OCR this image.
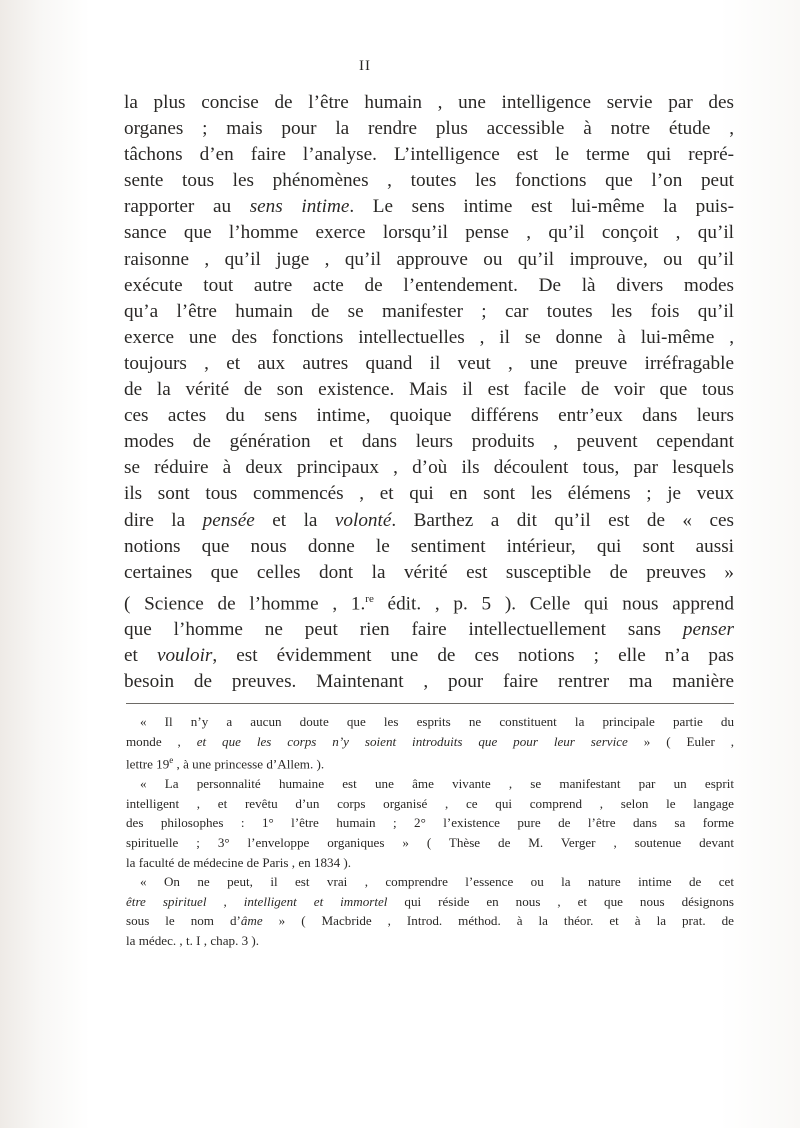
II
la plus concise de l’être humain , une intelligence servie par des
organes ; mais pour la rendre plus accessible à notre étude ,
tâchons d’en faire l’analyse. L’intelligence est le terme qui repré-
sente tous les phénomènes , toutes les fonctions que l’on peut
rapporter au sens intime. Le sens intime est lui-même la puis-
sance que l’homme exerce lorsqu’il pense , qu’il conçoit , qu’il
raisonne , qu’il juge , qu’il approuve ou qu’il improuve, ou qu’il
exécute tout autre acte de l’entendement. De là divers modes
qu’a l’être humain de se manifester ; car toutes les fois qu’il
exerce une des fonctions intellectuelles , il se donne à lui-même ,
toujours , et aux autres quand il veut , une preuve irréfragable
de la vérité de son existence. Mais il est facile de voir que tous
ces actes du sens intime, quoique différens entr’eux dans leurs
modes de génération et dans leurs produits , peuvent cependant
se réduire à deux principaux , d’où ils découlent tous, par lesquels
ils sont tous commencés , et qui en sont les élémens ; je veux
dire la pensée et la volonté. Barthez a dit qu’il est de « ces
notions que nous donne le sentiment intérieur, qui sont aussi
certaines que celles dont la vérité est susceptible de preuves »
( Science de l’homme , 1.$^{re}$ édit. , p. 5 ). Celle qui nous apprend
que l’homme ne peut rien faire intellectuellement sans penser
et vouloir, est évidemment une de ces notions ; elle n’a pas
besoin de preuves. Maintenant , pour faire rentrer ma manière
« Il n’y a aucun doute que les esprits ne constituent la principale partie du
monde , et que les corps n’y soient introduits que pour leur service » ( Euler ,
lettre 19e , à une princesse d’Allem. ).
« La personnalité humaine est une âme vivante , se manifestant par un esprit
intelligent , et revêtu d’un corps organisé , ce qui comprend , selon le langage
des philosophes : 1° l’être humain ; 2° l’existence pure de l’être dans sa forme
spirituelle ; 3° l’enveloppe organiques » ( Thèse de M. Verger , soutenue devant
la faculté de médecine de Paris , en 1834 ).
« On ne peut, il est vrai , comprendre l’essence ou la nature intime de cet
être spirituel , intelligent et immortel qui réside en nous , et que nous désignons
sous le nom d’âme » ( Macbride , Introd. méthod. à la théor. et à la prat. de
la médec. , t. I , chap. 3 ).
